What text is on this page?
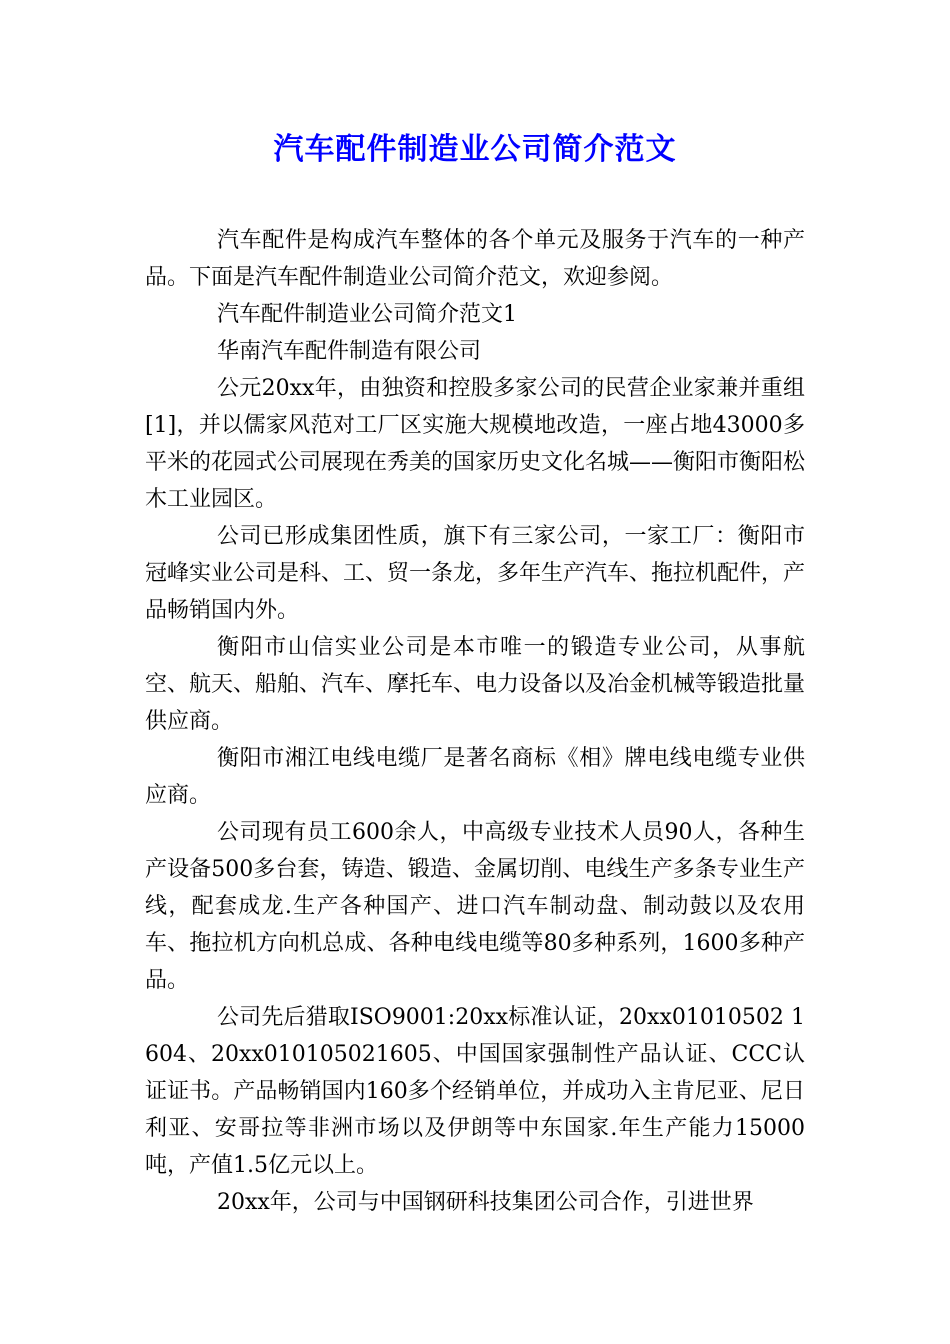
汽车配件制造业公司简介范文

汽车配件是构成汽车整体的各个单元及服务于汽车的一种产品。下面是汽车配件制造业公司简介范文，欢迎参阅。

汽车配件制造业公司简介范文1

华南汽车配件制造有限公司

公元20xx年，由独资和控股多家公司的民营企业家兼并重组[1]，并以儒家风范对工厂区实施大规模地改造，一座占地43000多平米的花园式公司展现在秀美的国家历史文化名城——衡阳市衡阳松木工业园区。

公司已形成集团性质，旗下有三家公司，一家工厂：衡阳市冠峰实业公司是科、工、贸一条龙，多年生产汽车、拖拉机配件，产品畅销国内外。

衡阳市山信实业公司是本市唯一的锻造专业公司，从事航空、航天、船舶、汽车、摩托车、电力设备以及冶金机械等锻造批量供应商。

衡阳市湘江电线电缆厂是著名商标《相》牌电线电缆专业供应商。

公司现有员工600余人，中高级专业技术人员90人，各种生产设备500多台套，铸造、锻造、金属切削、电线生产多条专业生产线，配套成龙.生产各种国产、进口汽车制动盘、制动鼓以及农用车、拖拉机方向机总成、各种电线电缆等80多种系列，1600多种产品。

公司先后猎取ISO9001:20xx标准认证，20xx01010502 1604、20xx010105021605、中国国家强制性产品认证、CCC认证证书。产品畅销国内160多个经销单位，并成功入主肯尼亚、尼日利亚、安哥拉等非洲市场以及伊朗等中东国家.年生产能力15000吨，产值1.5亿元以上。

20xx年，公司与中国钢研科技集团公司合作，引进世界
